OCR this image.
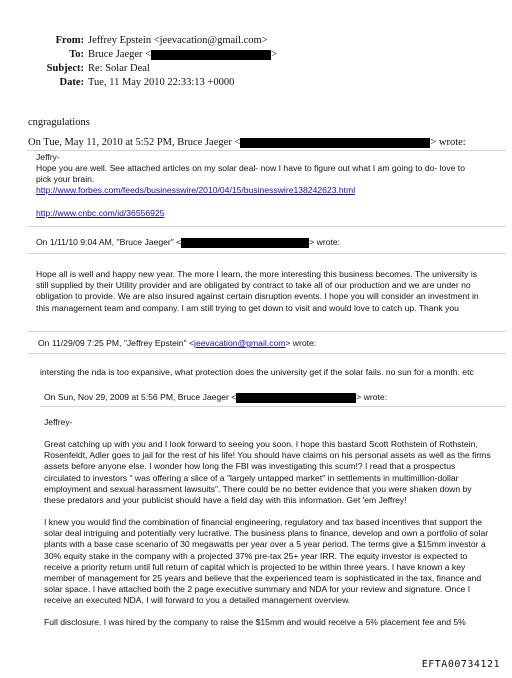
From: Jeffrey Epstein <jeevacation@gmail.com>
To: Bruce Jaeger <	>
Subject: Re: Solar Deal
Date: Tue, 11 May 2010 22:33:13 +0000
cngragulations
On Tue, May 11, 2010 at 5:52 PM, Bruce Jaeger <	> wrote:
Jeffry-
Hope you are well. See attached articles on my solar deal- now I have to figure out what I am going to do- love to pick your brain.
http://www.forbes.com/feeds/businesswire/2010/04/15/businesswire138242623.html
http://www.cnbc.com/id/36556925
On 1/11/10 9:04 AM, "Bruce Jaeger" <	> wrote:
Hope all is well and happy new year. The more I learn, the more interesting this business becomes. The university is still supplied by their Utility provider and are obligated by contract to take all of our production and we are under no obligation to provide. We are also insured against certain disruption events. I hope you will consider an investment in this management team and company. I am still trying to get down to visit and would love to catch up. Thank you
On 11/29/09 7:25 PM, "Jeffrey Epstein" <jeevacation@gmail.com> wrote:
intersting the nda is too expansive, what protection does the university get if the solar fails. no sun for a month. etc
On Sun, Nov 29, 2009 at 5:56 PM, Bruce Jaeger <	> wrote:
Jeffrey-
Great catching up with you and I look forward to seeing you soon. I hope this bastard Scott Rothstein of Rothstein, Rosenfeldt, Adler goes to jail for the rest of his life! You should have claims on his personal assets as well as the firms assets before anyone else. I wonder how long the FBI was investigating this scum!? I read that a prospectus circulated to investors " was offering a slice of a "largely untapped market" in settlements in multimillion-dollar employment and sexual harassment lawsuits". There could be no better evidence that you were shaken down by these predators and your publicist should have a field day with this information. Get 'em Jeffrey!
I knew you would find the combination of financial engineering, regulatory and tax based incentives that support the solar deal intriguing and potentially very lucrative. The business plans to finance, develop and own a portfolio of solar plants with a base case scenario of 30 megawatts per year over a 5 year period. The terms give a $15mm investor a 30% equity stake in the company with a projected 37% pre-tax 25+ year IRR. The equity investor is expected to receive a priority return until full return of capital which is projected to be within three years. I have known a key member of management for 25 years and believe that the experienced team is sophisticated in the tax, finance and solar space. I have attached both the 2 page executive summary and NDA for your review and signature. Once I receive an executed NDA, I will forward to you a detailed management overview.
Full disclosure. I was hired by the company to raise the $15mm and would receive a 5% placement fee and 5%
EFTA00734121
